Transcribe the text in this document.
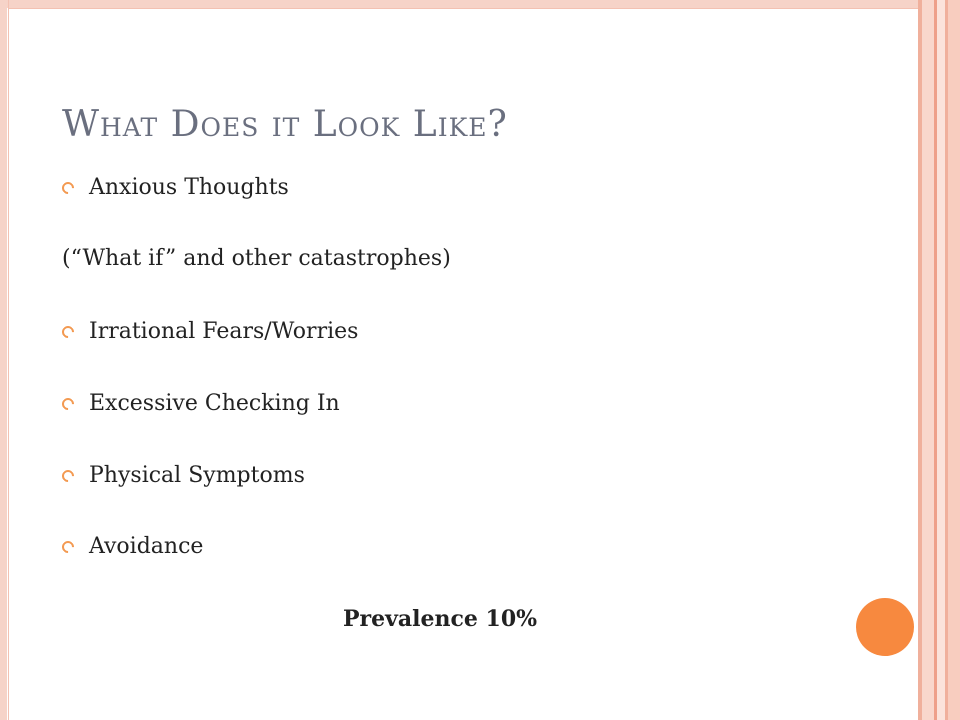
What Does it Look Like?
Anxious Thoughts
(“What if” and other catastrophes)
Irrational Fears/Worries
Excessive Checking In
Physical Symptoms
Avoidance
Prevalence 10%
